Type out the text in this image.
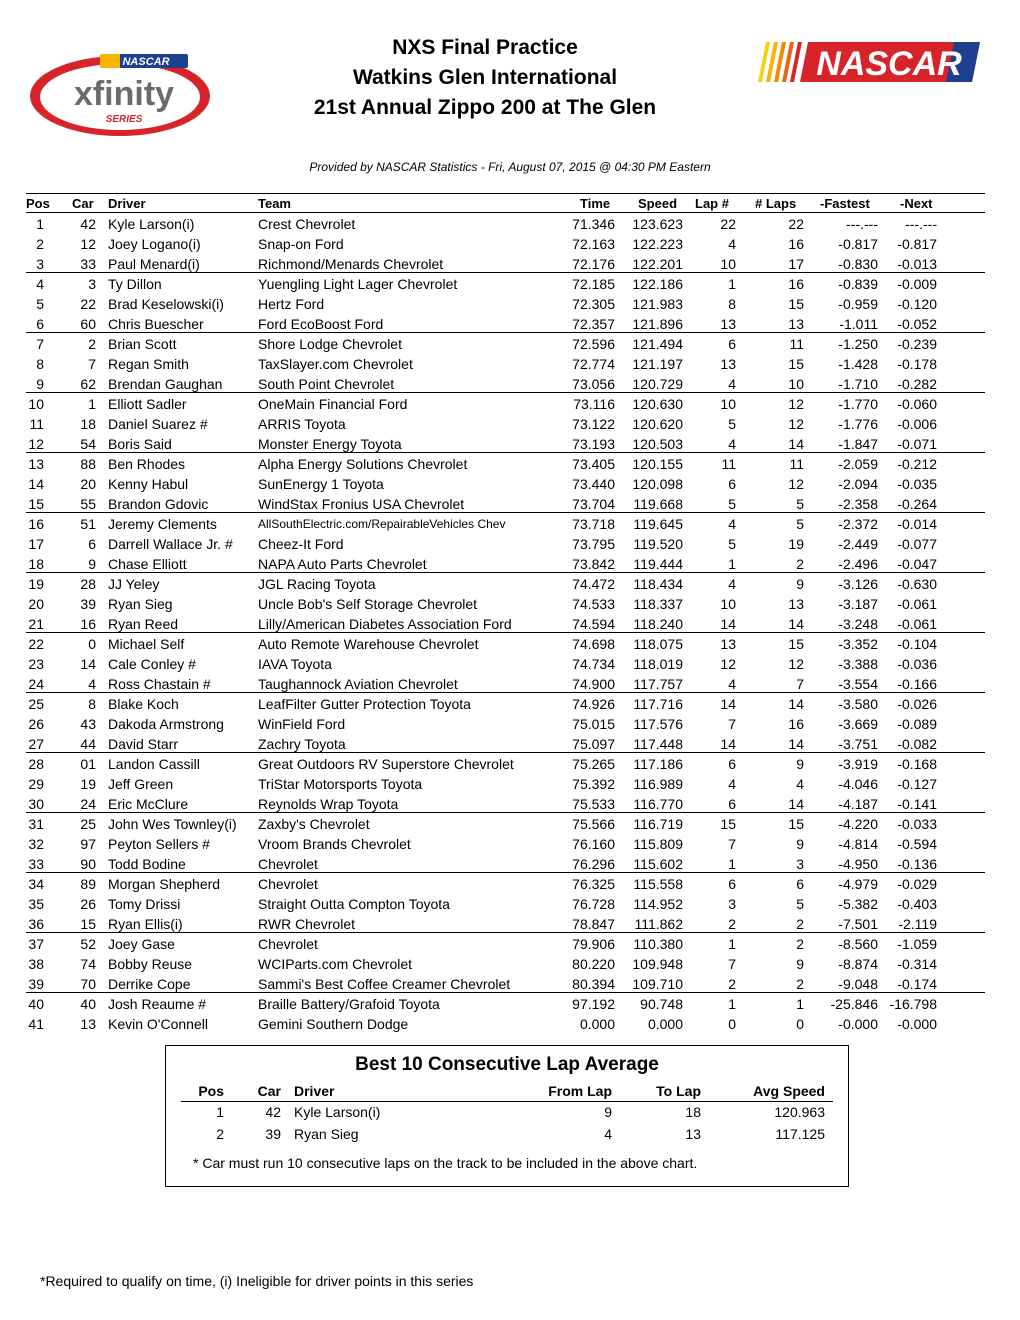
NASCAR
xfinity
SERIES
NXS Final Practice
Watkins Glen International
21st Annual Zippo 200 at The Glen
NASCAR
Provided by NASCAR Statistics - Fri, August 07, 2015 @ 04:30 PM Eastern
Pos Car	Driver	Team	Time	Speed	Lap #	# Laps -Fastest	-Next
1	42 Kyle Larson(i)	Crest Chevrolet	71.346	123.623	22	22	---.---	---.---
2	12 Joey Logano(i)	Snap-on Ford	72.163	122.223	4	16	-0.817	-0.817
3	33 Paul Menard(i)	Richmond/Menards Chevrolet	72.176	122.201	10	17	-0.830	-0.013
4	3 Ty Dillon	Yuengling Light Lager Chevrolet	72.185	122.186	1	16	-0.839	-0.009
5	22 Brad Keselowski(i)	Hertz Ford	72.305	121.983	8	15	-0.959	-0.120
6	60 Chris Buescher	Ford EcoBoost Ford	72.357	121.896	13	13	-1.011	-0.052
7	2 Brian Scott	Shore Lodge Chevrolet	72.596	121.494	6	11	-1.250	-0.239
8	7 Regan Smith	TaxSlayer.com Chevrolet	72.774	121.197	13	15	-1.428	-0.178
9	62 Brendan Gaughan	South Point Chevrolet	73.056	120.729	4	10	-1.710	-0.282
10	1 Elliott Sadler	OneMain Financial Ford	73.116	120.630	10	12	-1.770	-0.060
11	18 Daniel Suarez #	ARRIS Toyota	73.122	120.620	5	12	-1.776	-0.006
12	54 Boris Said	Monster Energy Toyota	73.193	120.503	4	14	-1.847	-0.071
13	88 Ben Rhodes	Alpha Energy Solutions Chevrolet	73.405	120.155	11	11	-2.059	-0.212
14	20 Kenny Habul	SunEnergy 1 Toyota	73.440	120.098	6	12	-2.094	-0.035
15	55 Brandon Gdovic	WindStax Fronius USA Chevrolet	73.704	119.668	5	5	-2.358	-0.264
16	51 Jeremy Clements	AllSouthElectric.com/RepairableVehicles Chev	73.718	119.645	4	5	-2.372	-0.014
17	6 Darrell Wallace Jr. #	Cheez-It Ford	73.795	119.520	5	19	-2.449	-0.077
18	9 Chase Elliott	NAPA Auto Parts Chevrolet	73.842	119.444	1	2	-2.496	-0.047
19	28 JJ Yeley	JGL Racing Toyota	74.472	118.434	4	9	-3.126	-0.630
20	39 Ryan Sieg	Uncle Bob's Self Storage Chevrolet	74.533	118.337	10	13	-3.187	-0.061
21	16 Ryan Reed	Lilly/American Diabetes Association Ford	74.594	118.240	14	14	-3.248	-0.061
22	0 Michael Self	Auto Remote Warehouse Chevrolet	74.698	118.075	13	15	-3.352	-0.104
23	14 Cale Conley #	IAVA Toyota	74.734	118.019	12	12	-3.388	-0.036
24	4 Ross Chastain #	Taughannock Aviation Chevrolet	74.900	117.757	4	7	-3.554	-0.166
25	8 Blake Koch	LeafFilter Gutter Protection Toyota	74.926	117.716	14	14	-3.580	-0.026
26	43 Dakoda Armstrong	WinField Ford	75.015	117.576	7	16	-3.669	-0.089
27	44 David Starr	Zachry Toyota	75.097	117.448	14	14	-3.751	-0.082
28	01 Landon Cassill	Great Outdoors RV Superstore Chevrolet	75.265	117.186	6	9	-3.919	-0.168
29	19 Jeff Green	TriStar Motorsports Toyota	75.392	116.989	4	4	-4.046	-0.127
30	24 Eric McClure	Reynolds Wrap Toyota	75.533	116.770	6	14	-4.187	-0.141
31	25 John Wes Townley(i)	Zaxby's Chevrolet	75.566	116.719	15	15	-4.220	-0.033
32	97 Peyton Sellers #	Vroom Brands Chevrolet	76.160	115.809	7	9	-4.814	-0.594
33	90 Todd Bodine	Chevrolet	76.296	115.602	1	3	-4.950	-0.136
34	89 Morgan Shepherd	Chevrolet	76.325	115.558	6	6	-4.979	-0.029
35	26 Tomy Drissi	Straight Outta Compton Toyota	76.728	114.952	3	5	-5.382	-0.403
36	15 Ryan Ellis(i)	RWR Chevrolet	78.847	111.862	2	2	-7.501	-2.119
37	52 Joey Gase	Chevrolet	79.906	110.380	1	2	-8.560	-1.059
38	74 Bobby Reuse	WCIParts.com Chevrolet	80.220	109.948	7	9	-8.874	-0.314
39	70 Derrike Cope	Sammi's Best Coffee Creamer Chevrolet	80.394	109.710	2	2	-9.048	-0.174
40	40 Josh Reaume #	Braille Battery/Grafoid Toyota	97.192	90.748	1	1	-25.846 -16.798
41	13 Kevin O'Connell	Gemini Southern Dodge	0.000	0.000	0	0	-0.000	-0.000
Best 10 Consecutive Lap Average
Pos	Car Driver	From Lap	To Lap	Avg Speed
1	42 Kyle Larson(i)	9	18	120.963
2	39 Ryan Sieg	4	13	117.125
* Car must run 10 consecutive laps on the track to be included in the above chart.
*Required to qualify on time, (i) Ineligible for driver points in this series
